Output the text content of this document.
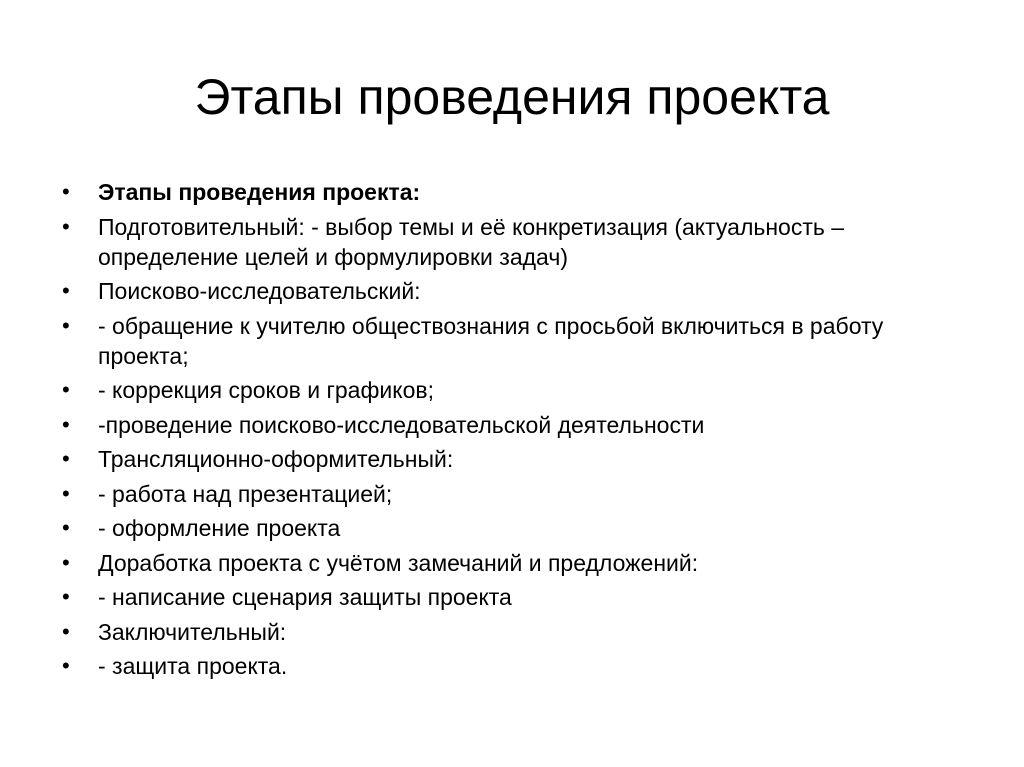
Этапы проведения проекта
•	Этапы проведения проекта:
•	Подготовительный: - выбор темы и её конкретизация (актуальность – определение целей и формулировки задач)
•	Поисково-исследовательский:
•	- обращение к учителю обществознания с просьбой включиться в работу проекта;
•	- коррекция сроков и графиков;
•	-проведение поисково-исследовательской деятельности
•	Трансляционно-оформительный:
•	- работа над презентацией;
•	- оформление проекта
•	Доработка проекта с учётом замечаний и предложений:
•	- написание сценария защиты проекта
•	Заключительный:
•	- защита проекта.
